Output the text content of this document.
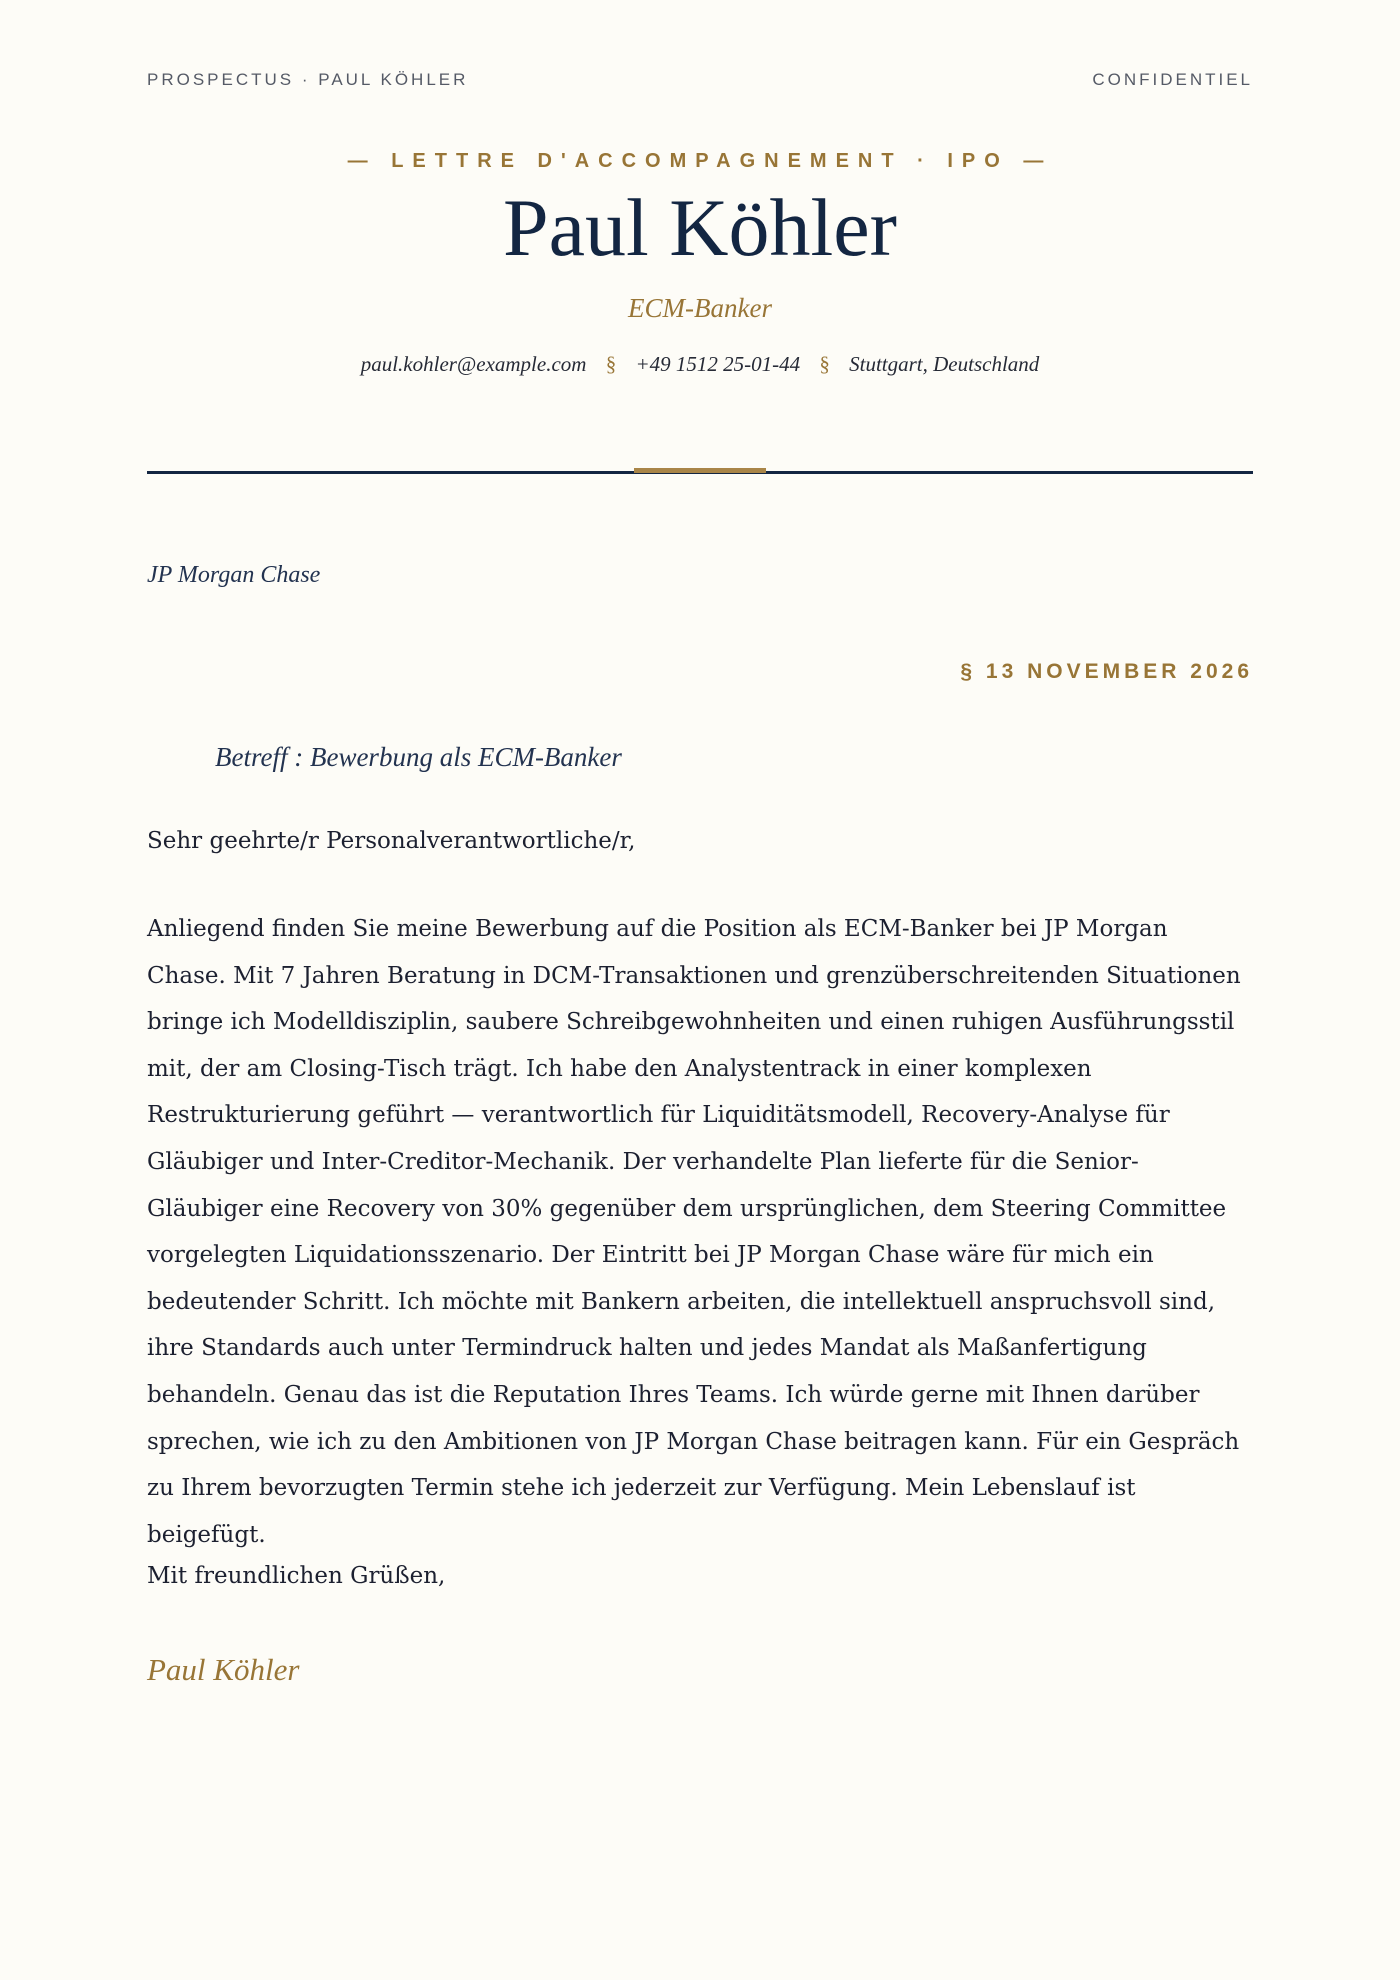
PROSPECTUS · PAUL KÖHLER	CONFIDENTIEL
— LETTRE D'ACCOMPAGNEMENT · IPO —
Paul Köhler
ECM-Banker
paul.kohler@example.com § +49 1512 25-01-44 § Stuttgart, Deutschland
JP Morgan Chase
§ 13 NOVEMBER 2026
Betreff : Bewerbung als ECM-Banker
Sehr geehrte/r Personalverantwortliche/r,

Anliegend finden Sie meine Bewerbung auf die Position als ECM-Banker bei JP Morgan Chase. Mit 7 Jahren Beratung in DCM-Transaktionen und grenzüberschreitenden Situationen bringe ich Modelldisziplin, saubere Schreibgewohnheiten und einen ruhigen Ausführungsstil mit, der am Closing-Tisch trägt. Ich habe den Analystentrack in einer komplexen Restrukturierung geführt — verantwortlich für Liquiditätsmodell, Recovery-Analyse für Gläubiger und Inter-Creditor-Mechanik. Der verhandelte Plan lieferte für die Senior-Gläubiger eine Recovery von 30% gegenüber dem ursprünglichen, dem Steering Committee vorgelegten Liquidationsszenario. Der Eintritt bei JP Morgan Chase wäre für mich ein bedeutender Schritt. Ich möchte mit Bankern arbeiten, die intellektuell anspruchsvoll sind, ihre Standards auch unter Termindruck halten und jedes Mandat als Maßanfertigung behandeln. Genau das ist die Reputation Ihres Teams. Ich würde gerne mit Ihnen darüber sprechen, wie ich zu den Ambitionen von JP Morgan Chase beitragen kann. Für ein Gespräch zu Ihrem bevorzugten Termin stehe ich jederzeit zur Verfügung. Mein Lebenslauf ist beigefügt.

Mit freundlichen Grüßen,
Paul Köhler
